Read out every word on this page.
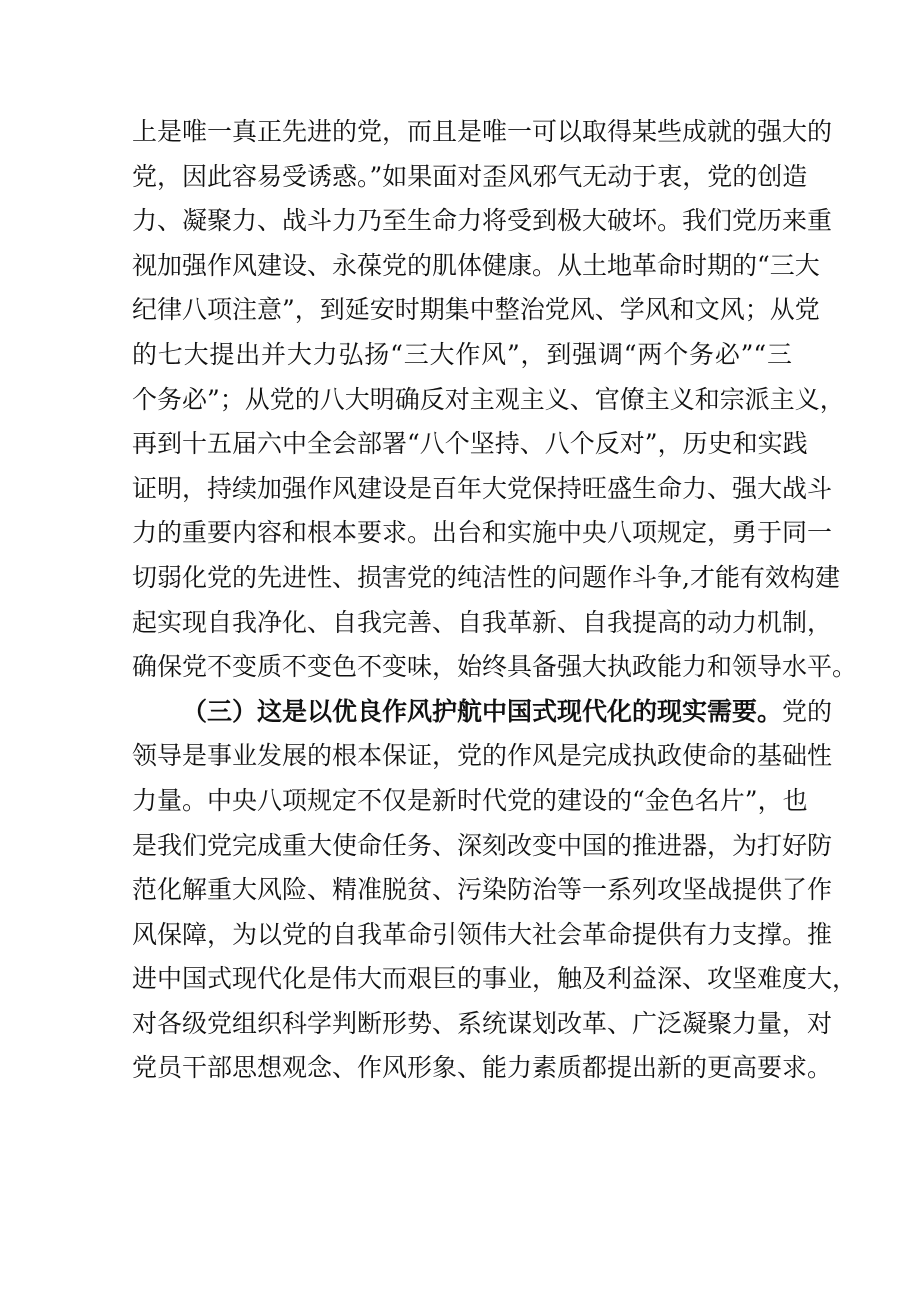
上是唯一真正先进的党，而且是唯一可以取得某些成就的强大的
党，因此容易受诱惑。”如果面对歪风邪气无动于衷，党的创造
力、凝聚力、战斗力乃至生命力将受到极大破坏。我们党历来重
视加强作风建设、永葆党的肌体健康。从土地革命时期的“三大
纪律八项注意”，到延安时期集中整治党风、学风和文风；从党
的七大提出并大力弘扬“三大作风”，到强调“两个务必”“三
个务必”；从党的八大明确反对主观主义、官僚主义和宗派主义，
再到十五届六中全会部署“八个坚持、八个反对”，历史和实践
证明，持续加强作风建设是百年大党保持旺盛生命力、强大战斗
力的重要内容和根本要求。出台和实施中央八项规定，勇于同一
切弱化党的先进性、损害党的纯洁性的问题作斗争,才能有效构建
起实现自我净化、自我完善、自我革新、自我提高的动力机制，
确保党不变质不变色不变味，始终具备强大执政能力和领导水平。
（三）这是以优良作风护航中国式现代化的现实需要。党的
领导是事业发展的根本保证，党的作风是完成执政使命的基础性
力量。中央八项规定不仅是新时代党的建设的“金色名片”，也
是我们党完成重大使命任务、深刻改变中国的推进器，为打好防
范化解重大风险、精准脱贫、污染防治等一系列攻坚战提供了作
风保障，为以党的自我革命引领伟大社会革命提供有力支撑。推
进中国式现代化是伟大而艰巨的事业，触及利益深、攻坚难度大，
对各级党组织科学判断形势、系统谋划改革、广泛凝聚力量，对
党员干部思想观念、作风形象、能力素质都提出新的更高要求。
